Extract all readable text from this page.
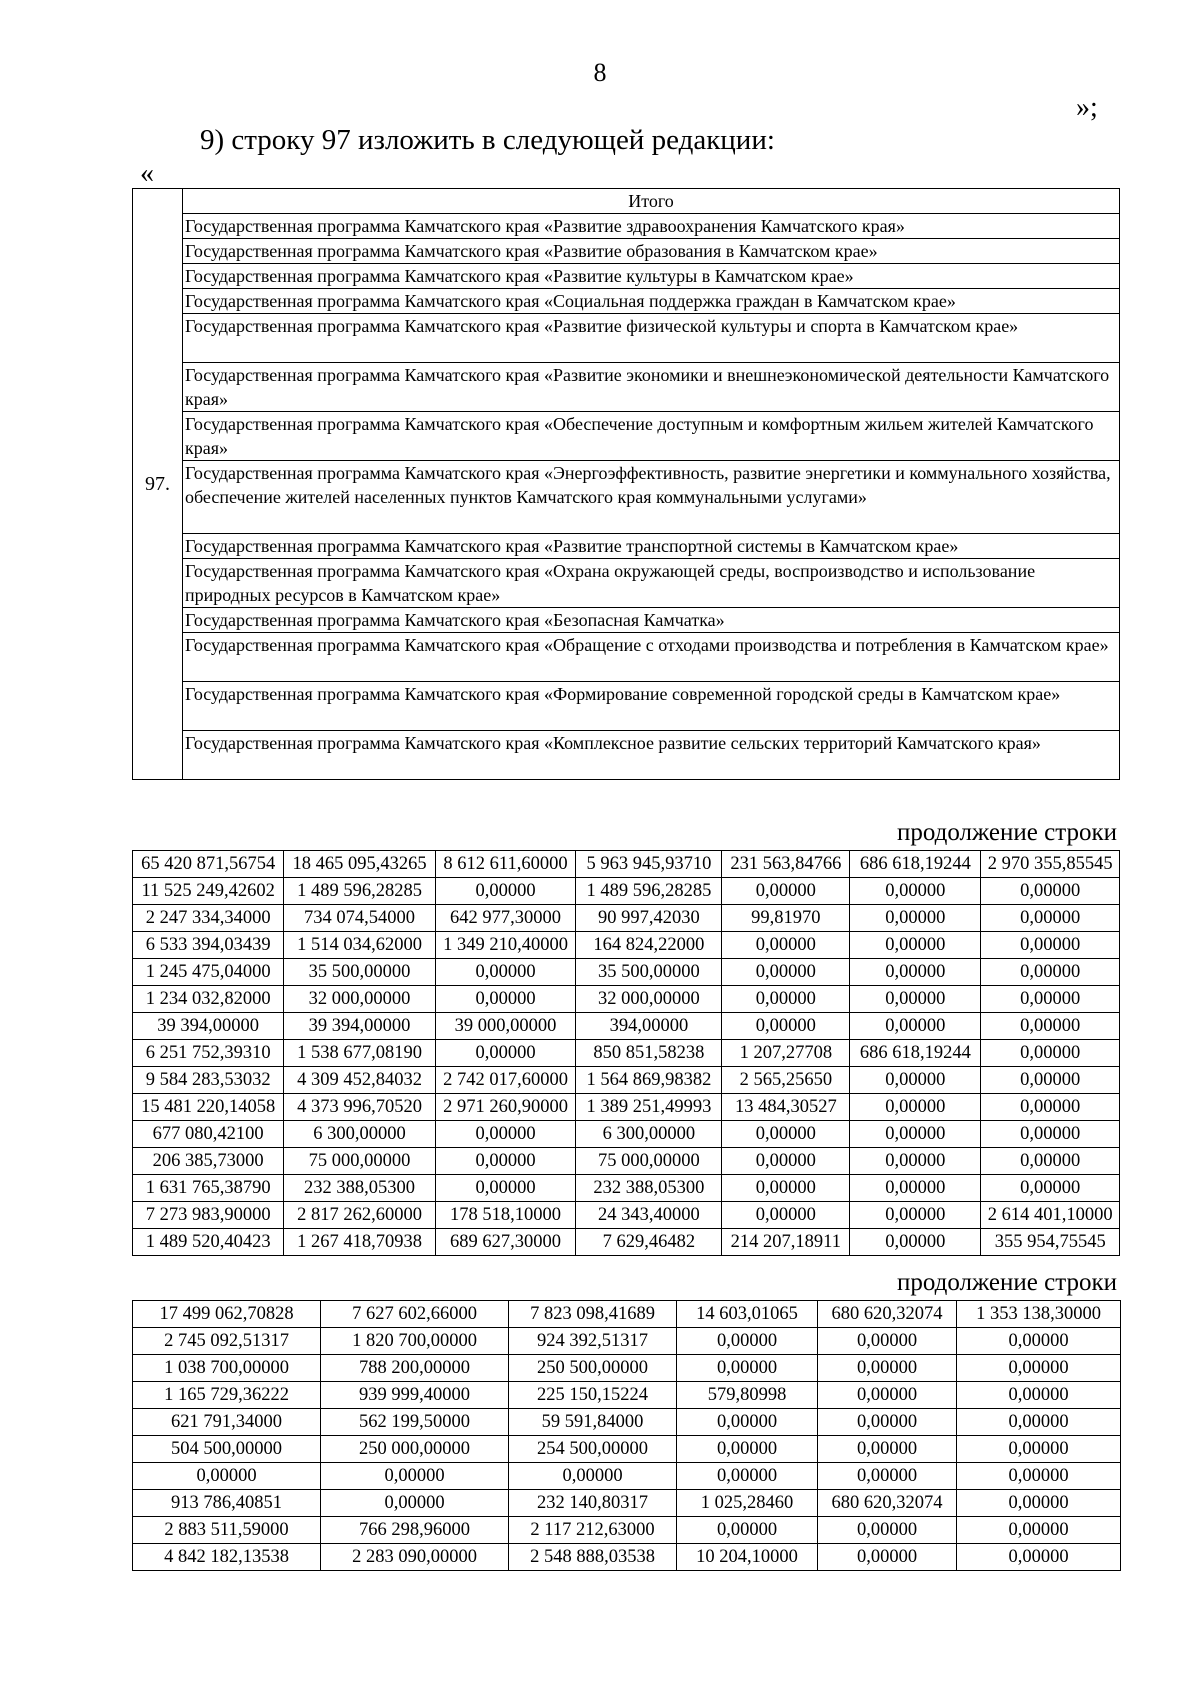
8
»;
9) строку 97 изложить в следующей редакции:
«
97.	Итого
Государственная программа Камчатского края «Развитие здравоохранения Камчатского края»
Государственная программа Камчатского края «Развитие образования в Камчатском крае»
Государственная программа Камчатского края «Развитие культуры в Камчатском крае»
Государственная программа Камчатского края «Социальная поддержка граждан в Камчатском крае»
Государственная программа Камчатского края «Развитие физической культуры и спорта в Камчатском крае»
Государственная программа Камчатского края «Развитие экономики и внешнеэкономической деятельности Камчатского края»
Государственная программа Камчатского края «Обеспечение доступным и комфортным жильем жителей Камчатского края»
Государственная программа Камчатского края «Энергоэффективность, развитие энергетики и коммунального хозяйства, обеспечение жителей населенных пунктов Камчатского края коммунальными услугами»
Государственная программа Камчатского края «Развитие транспортной системы в Камчатском крае»
Государственная программа Камчатского края «Охрана окружающей среды, воспроизводство и использование природных ресурсов в Камчатском крае»
Государственная программа Камчатского края «Безопасная Камчатка»
Государственная программа Камчатского края «Обращение с отходами производства и потребления в Камчатском крае»
Государственная программа Камчатского края «Формирование современной городской среды в Камчатском крае»
Государственная программа Камчатского края «Комплексное развитие сельских территорий Камчатского края»
продолжение строки
65 420 871,56754	18 465 095,43265	8 612 611,60000	5 963 945,93710	231 563,84766	686 618,19244	2 970 355,85545
11 525 249,42602	1 489 596,28285	0,00000	1 489 596,28285	0,00000	0,00000	0,00000
2 247 334,34000	734 074,54000	642 977,30000	90 997,42030	99,81970	0,00000	0,00000
6 533 394,03439	1 514 034,62000	1 349 210,40000	164 824,22000	0,00000	0,00000	0,00000
1 245 475,04000	35 500,00000	0,00000	35 500,00000	0,00000	0,00000	0,00000
1 234 032,82000	32 000,00000	0,00000	32 000,00000	0,00000	0,00000	0,00000
39 394,00000	39 394,00000	39 000,00000	394,00000	0,00000	0,00000	0,00000
6 251 752,39310	1 538 677,08190	0,00000	850 851,58238	1 207,27708	686 618,19244	0,00000
9 584 283,53032	4 309 452,84032	2 742 017,60000	1 564 869,98382	2 565,25650	0,00000	0,00000
15 481 220,14058	4 373 996,70520	2 971 260,90000	1 389 251,49993	13 484,30527	0,00000	0,00000
677 080,42100	6 300,00000	0,00000	6 300,00000	0,00000	0,00000	0,00000
206 385,73000	75 000,00000	0,00000	75 000,00000	0,00000	0,00000	0,00000
1 631 765,38790	232 388,05300	0,00000	232 388,05300	0,00000	0,00000	0,00000
7 273 983,90000	2 817 262,60000	178 518,10000	24 343,40000	0,00000	0,00000	2 614 401,10000
1 489 520,40423	1 267 418,70938	689 627,30000	7 629,46482	214 207,18911	0,00000	355 954,75545
продолжение строки
17 499 062,70828	7 627 602,66000	7 823 098,41689	14 603,01065	680 620,32074	1 353 138,30000
2 745 092,51317	1 820 700,00000	924 392,51317	0,00000	0,00000	0,00000
1 038 700,00000	788 200,00000	250 500,00000	0,00000	0,00000	0,00000
1 165 729,36222	939 999,40000	225 150,15224	579,80998	0,00000	0,00000
621 791,34000	562 199,50000	59 591,84000	0,00000	0,00000	0,00000
504 500,00000	250 000,00000	254 500,00000	0,00000	0,00000	0,00000
0,00000	0,00000	0,00000	0,00000	0,00000	0,00000
913 786,40851	0,00000	232 140,80317	1 025,28460	680 620,32074	0,00000
2 883 511,59000	766 298,96000	2 117 212,63000	0,00000	0,00000	0,00000
4 842 182,13538	2 283 090,00000	2 548 888,03538	10 204,10000	0,00000	0,00000
